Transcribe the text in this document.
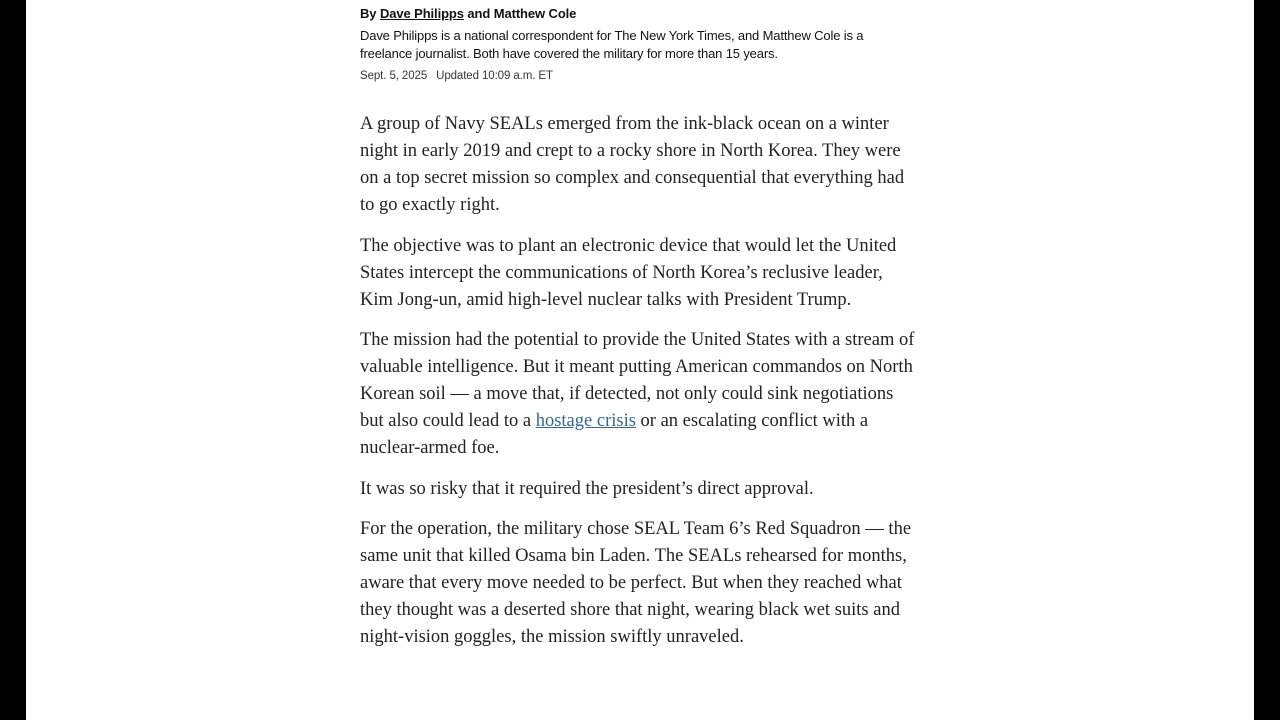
By Dave Philipps and Matthew Cole
Dave Philipps is a national correspondent for The New York Times, and Matthew Cole is a freelance journalist. Both have covered the military for more than 15 years.
Sept. 5, 2025 Updated 10:09 a.m. ET

A group of Navy SEALs emerged from the ink-black ocean on a winter night in early 2019 and crept to a rocky shore in North Korea. They were on a top secret mission so complex and consequential that everything had to go exactly right.

The objective was to plant an electronic device that would let the United States intercept the communications of North Korea’s reclusive leader, Kim Jong-un, amid high-level nuclear talks with President Trump.

The mission had the potential to provide the United States with a stream of valuable intelligence. But it meant putting American commandos on North Korean soil — a move that, if detected, not only could sink negotiations but also could lead to a hostage crisis or an escalating conflict with a nuclear-armed foe.

It was so risky that it required the president’s direct approval.

For the operation, the military chose SEAL Team 6’s Red Squadron — the same unit that killed Osama bin Laden. The SEALs rehearsed for months, aware that every move needed to be perfect. But when they reached what they thought was a deserted shore that night, wearing black wet suits and night-vision goggles, the mission swiftly unraveled.
